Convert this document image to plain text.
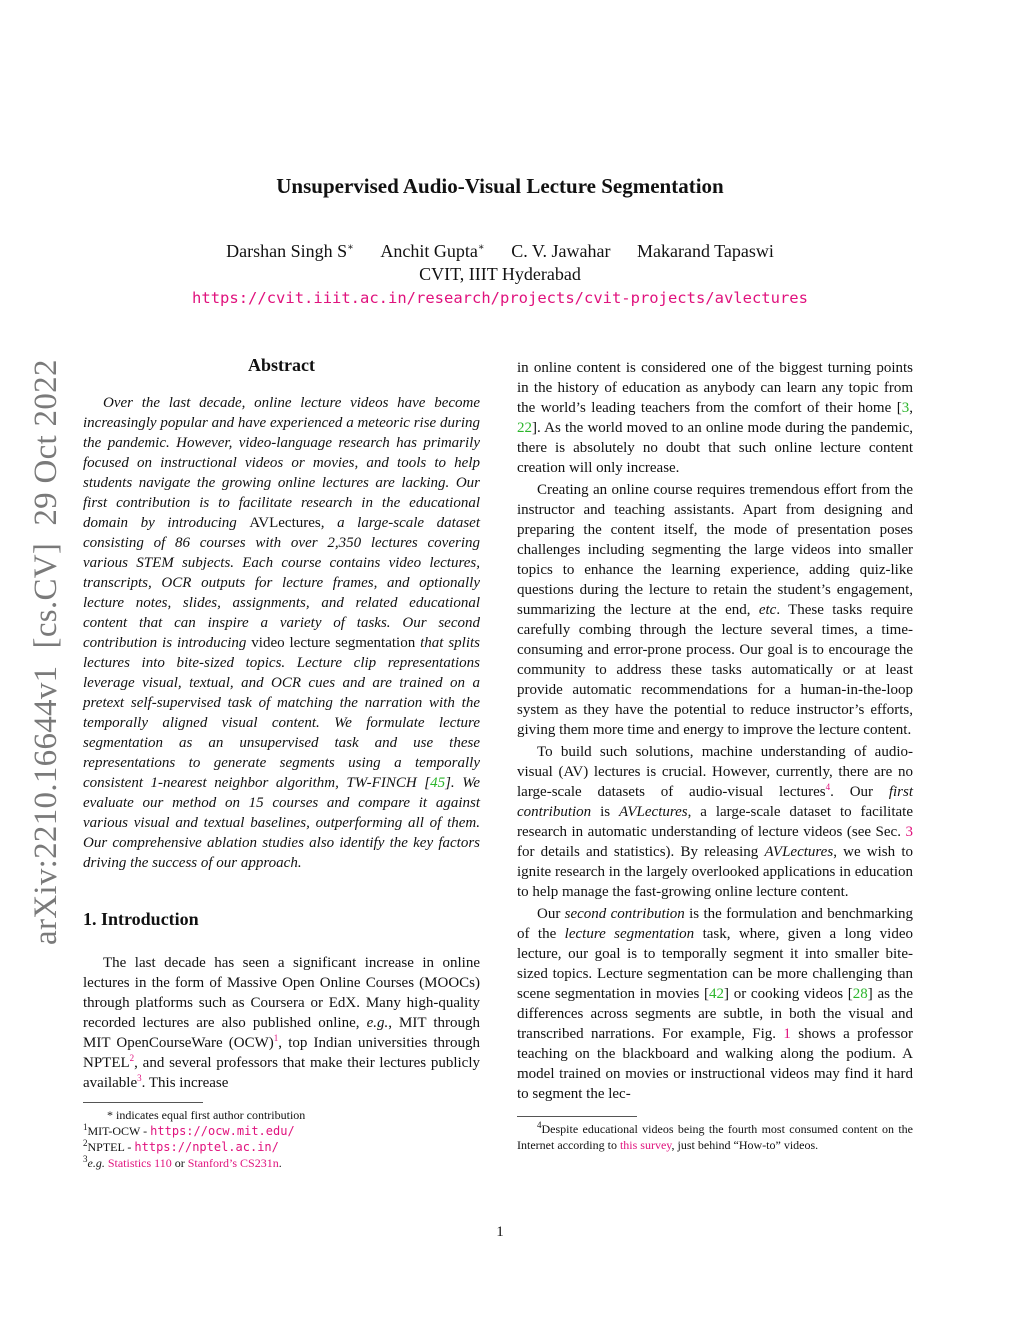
Unsupervised Audio-Visual Lecture Segmentation
Darshan Singh S∗ Anchit Gupta∗ C. V. Jawahar Makarand Tapaswi
CVIT, IIIT Hyderabad
https://cvit.iiit.ac.in/research/projects/cvit-projects/avlectures
arXiv:2210.16644v1  [cs.CV]  29 Oct 2022	Abstract

Over the last decade, online lecture videos have become increasingly popular and have experienced a meteoric rise during the pandemic. However, video-language research has primarily focused on instructional videos or movies, and tools to help students navigate the growing online lectures are lacking. Our first contribution is to facilitate research in the educational domain by introducing AVLectures, a large-scale dataset consisting of 86 courses with over 2,350 lectures covering various STEM subjects. Each course contains video lectures, transcripts, OCR outputs for lecture frames, and optionally lecture notes, slides, assignments, and related educational content that can inspire a variety of tasks. Our second contribution is introducing video lecture segmentation that splits lectures into bite-sized topics. Lecture clip representations leverage visual, textual, and OCR cues and are trained on a pretext self-supervised task of matching the narration with the temporally aligned visual content. We formulate lecture segmentation as an unsupervised task and use these representations to generate segments using a temporally consistent 1-nearest neighbor algorithm, TW-FINCH [45]. We evaluate our method on 15 courses and compare it against various visual and textual baselines, outperforming all of them. Our comprehensive ablation studies also identify the key factors driving the success of our approach.

1. Introduction

The last decade has seen a significant increase in online lectures in the form of Massive Open Online Courses (MOOCs) through platforms such as Coursera or EdX. Many high-quality recorded lectures are also published online, e.g., MIT through MIT OpenCourseWare (OCW)$^1$, top Indian universities through NPTEL$^2$, and several professors that make their lectures publicly available$^3$. This increase

* indicates equal first author contribution
$^1$MIT-OCW - https://ocw.mit.edu/
$^2$NPTEL - https://nptel.ac.in/
$^3$e.g. Statistics 110 or Stanford’s CS231n.

in online content is considered one of the biggest turning points in the history of education as anybody can learn any topic from the world’s leading teachers from the comfort of their home [3, 22]. As the world moved to an online mode during the pandemic, there is absolutely no doubt that such online lecture content creation will only increase.

Creating an online course requires tremendous effort from the instructor and teaching assistants. Apart from designing and preparing the content itself, the mode of presentation poses challenges including segmenting the large videos into smaller topics to enhance the learning experience, adding quiz-like questions during the lecture to retain the student’s engagement, summarizing the lecture at the end, etc. These tasks require carefully combing through the lecture several times, a time-consuming and error-prone process. Our goal is to encourage the community to address these tasks automatically or at least provide automatic recommendations for a human-in-the-loop system as they have the potential to reduce instructor’s efforts, giving them more time and energy to improve the lecture content.

To build such solutions, machine understanding of audio-visual (AV) lectures is crucial. However, currently, there are no large-scale datasets of audio-visual lectures$^4$. Our first contribution is AVLectures, a large-scale dataset to facilitate research in automatic understanding of lecture videos (see Sec. 3 for details and statistics). By releasing AVLectures, we wish to ignite research in the largely overlooked applications in education to help manage the fast-growing online lecture content.

Our second contribution is the formulation and benchmarking of the lecture segmentation task, where, given a long video lecture, our goal is to temporally segment it into smaller bite-sized topics. Lecture segmentation can be more challenging than scene segmentation in movies [42] or cooking videos [28] as the differences across segments are subtle, in both the visual and transcribed narrations. For example, Fig. 1 shows a professor teaching on the blackboard and walking along the podium. A model trained on movies or instructional videos may find it hard to segment the lec-

$^4$Despite educational videos being the fourth most consumed content on the Internet according to this survey, just behind “How-to” videos.
1
